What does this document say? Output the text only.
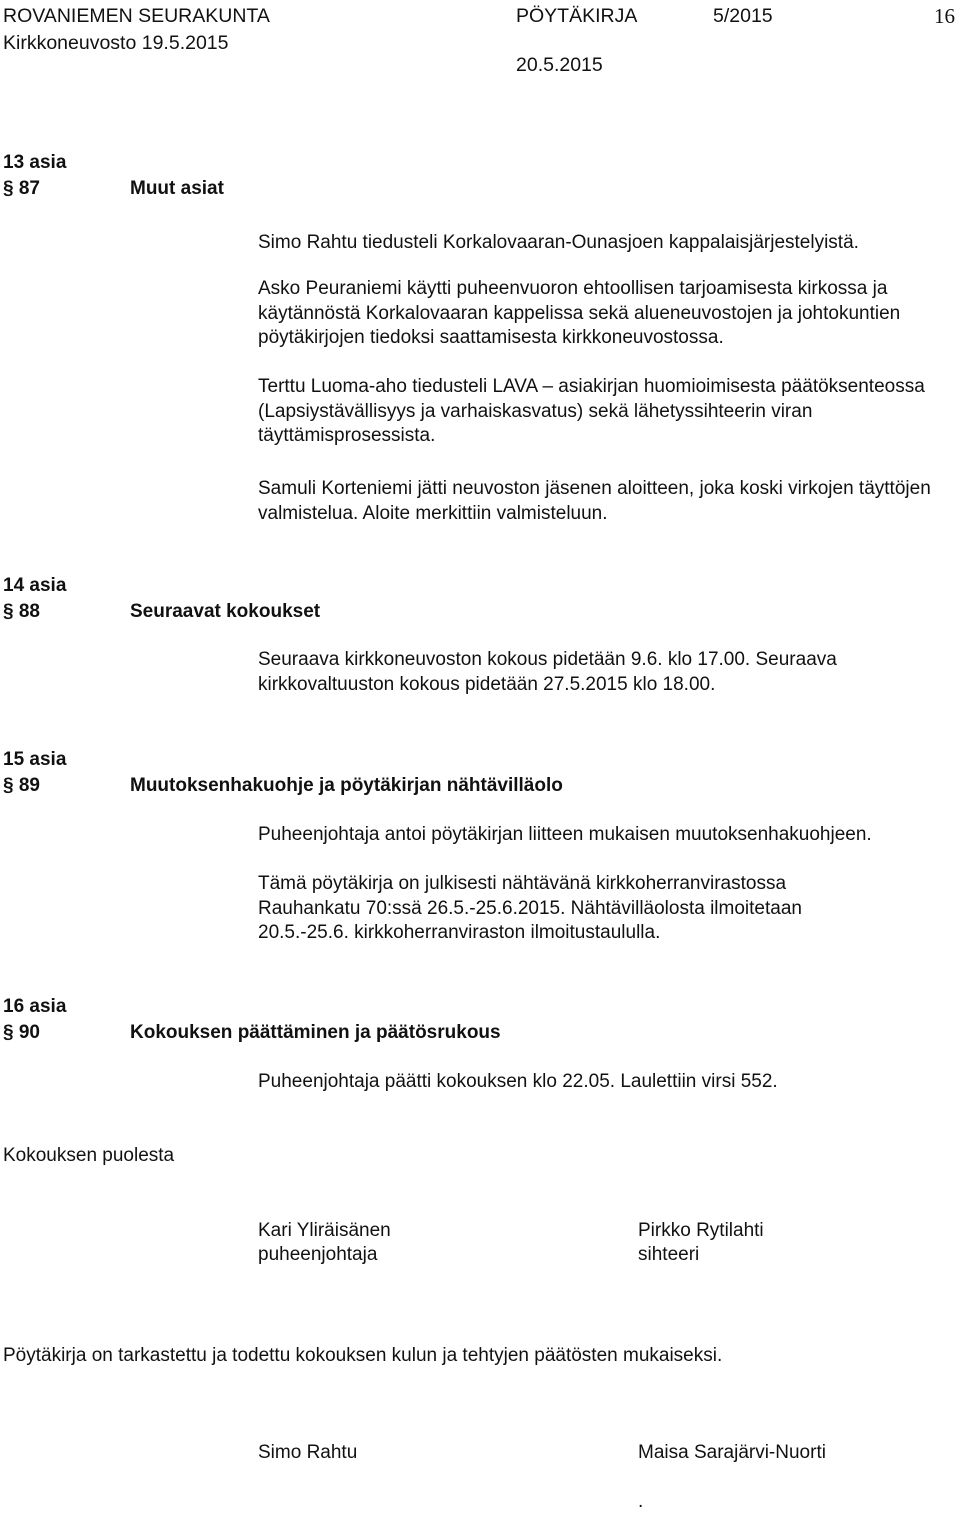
ROVANIEMEN SEURAKUNTA	PÖYTÄKIRJA	5/2015	16
Kirkkoneuvosto 19.5.2015
20.5.2015
13 asia
§ 87	Muut asiat
Simo Rahtu tiedusteli Korkalovaaran-Ounasjoen kappalaisjärjestelyistä.
Asko Peuraniemi käytti puheenvuoron ehtoollisen tarjoamisesta kirkossa ja käytännöstä Korkalovaaran kappelissa sekä alueneuvostojen ja johtokuntien pöytäkirjojen tiedoksi saattamisesta kirkkoneuvostossa.
Terttu Luoma-aho tiedusteli LAVA – asiakirjan huomioimisesta päätöksenteossa (Lapsiystävällisyys ja varhaiskasvatus) sekä lähetyssihteerin viran täyttämisprosessista.
Samuli Korteniemi jätti neuvoston jäsenen aloitteen, joka koski virkojen täyttöjen valmistelua. Aloite merkittiin valmisteluun.
14 asia
§ 88	Seuraavat kokoukset
Seuraava kirkkoneuvoston kokous pidetään 9.6. klo 17.00. Seuraava kirkkovaltuuston kokous pidetään 27.5.2015 klo 18.00.
15 asia
§ 89	Muutoksenhakuohje ja pöytäkirjan nähtävilläolo
Puheenjohtaja antoi pöytäkirjan liitteen mukaisen muutoksenhakuohjeen.
Tämä pöytäkirja on julkisesti nähtävänä kirkkoherranvirastossa Rauhankatu 70:ssä 26.5.-25.6.2015. Nähtävilläolosta ilmoitetaan 20.5.-25.6. kirkkoherranviraston ilmoitustaululla.
16 asia
§ 90	Kokouksen päättäminen ja päätösrukous
Puheenjohtaja päätti kokouksen klo 22.05. Laulettiin virsi 552.
Kokouksen puolesta
Kari Yliräisänen
puheenjohtaja
Pirkko Rytilahti
sihteeri
Pöytäkirja on tarkastettu ja todettu kokouksen kulun ja tehtyjen päätösten mukaiseksi.
Simo Rahtu	Maisa Sarajärvi-Nuorti
.
